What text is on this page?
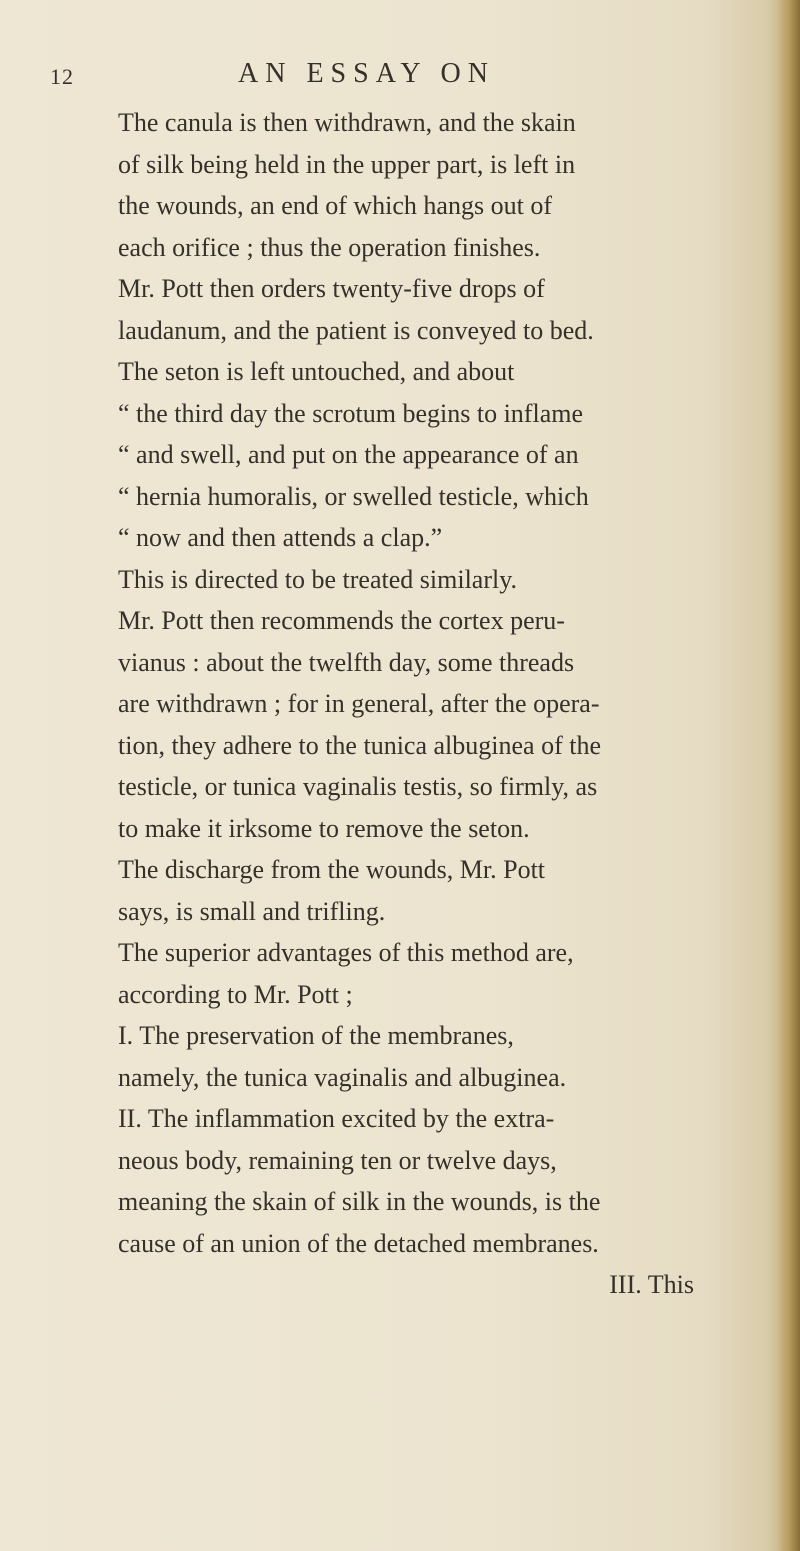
12	AN ESSAY ON

The canula is then withdrawn, and the skain
of silk being held in the upper part, is left in
the wounds, an end of which hangs out of
each orifice ; thus the operation finishes.

Mr. Pott then orders twenty-five drops of
laudanum, and the patient is conveyed to bed.

The seton is left untouched, and about
“ the third day the scrotum begins to inflame
“ and swell, and put on the appearance of an
“ hernia humoralis, or swelled testicle, which
“ now and then attends a clap.”

This is directed to be treated similarly.

Mr. Pott then recommends the cortex peru-
vianus : about the twelfth day, some threads
are withdrawn ; for in general, after the opera-
tion, they adhere to the tunica albuginea of the
testicle, or tunica vaginalis testis, so firmly, as
to make it irksome to remove the seton.

The discharge from the wounds, Mr. Pott
says, is small and trifling.

The superior advantages of this method are,
according to Mr. Pott ;

I. The preservation of the membranes,
namely, the tunica vaginalis and albuginea.

II. The inflammation excited by the extra-
neous body, remaining ten or twelve days,
meaning the skain of silk in the wounds, is the
cause of an union of the detached membranes.

III. This
